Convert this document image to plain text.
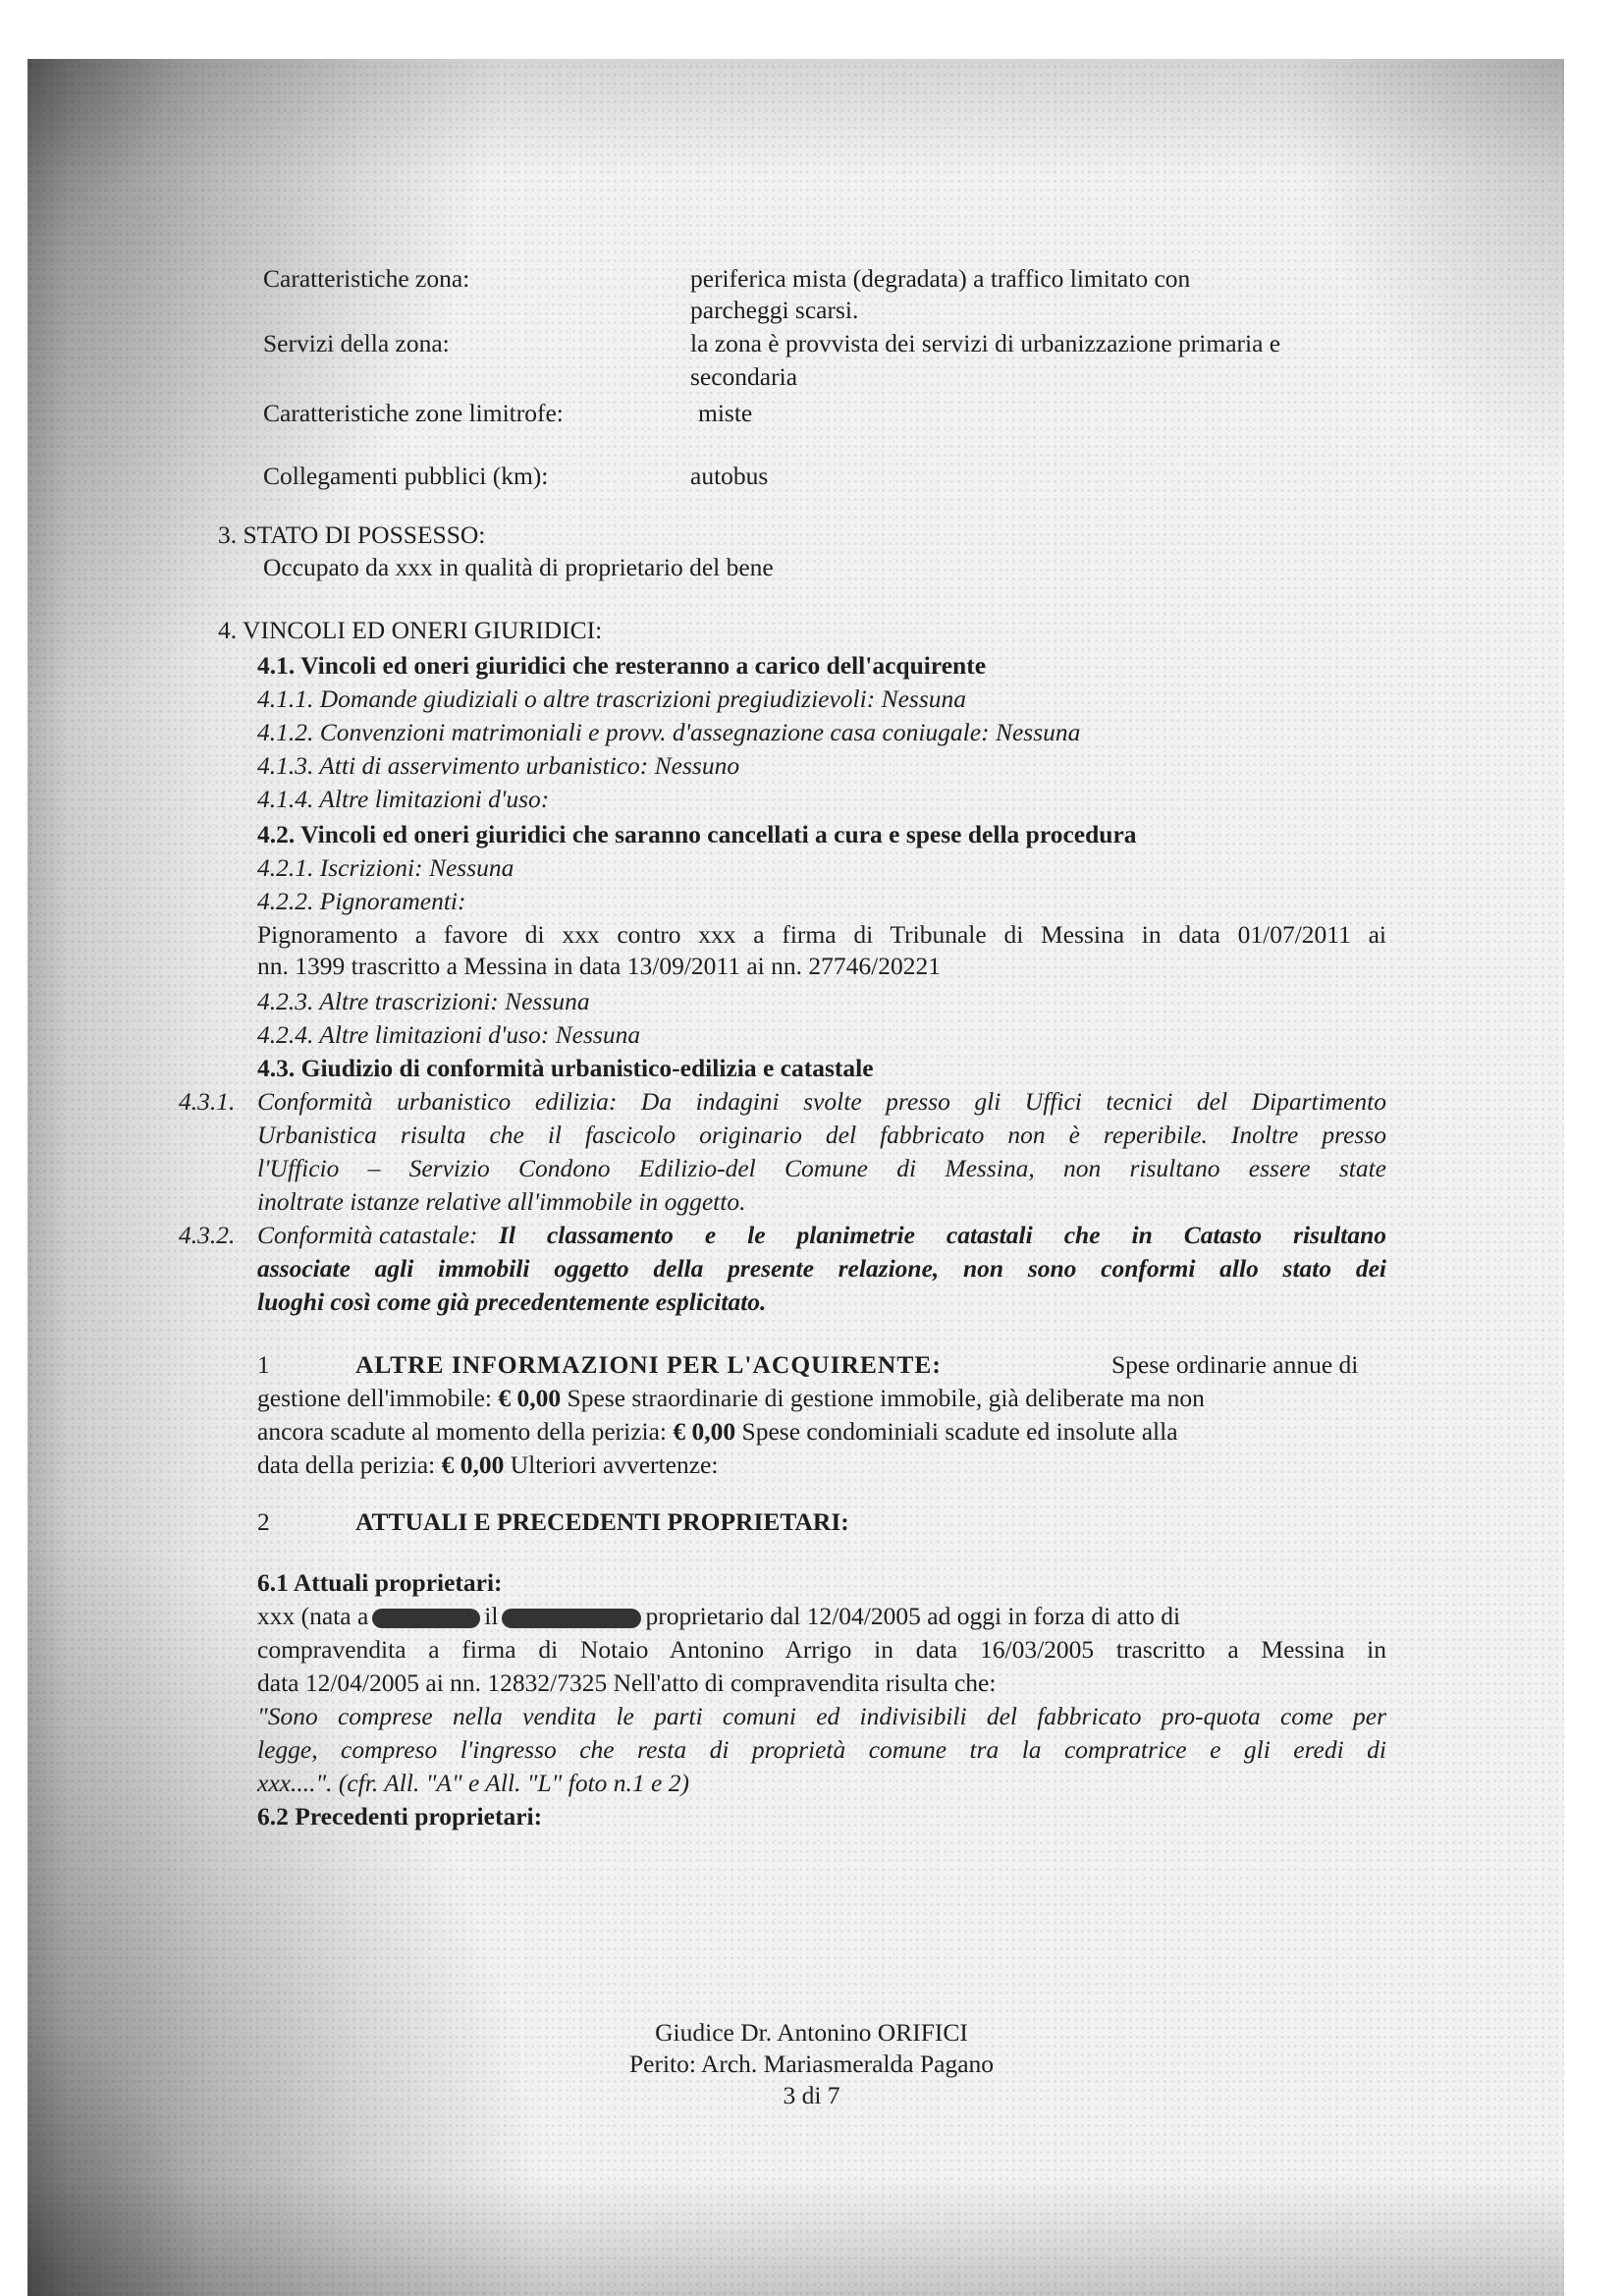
Caratteristiche zona:	periferica mista (degradata) a traffico limitato con
parcheggi scarsi.
Servizi della zona:	la zona è provvista dei servizi di urbanizzazione primaria e
secondaria
Caratteristiche zone limitrofe:	miste
Collegamenti pubblici (km):	autobus
3. STATO DI POSSESSO:
Occupato da xxx in qualità di proprietario del bene
4. VINCOLI ED ONERI GIURIDICI:
4.1. Vincoli ed oneri giuridici che resteranno a carico dell'acquirente
4.1.1. Domande giudiziali o altre trascrizioni pregiudizievoli: Nessuna
4.1.2. Convenzioni matrimoniali e provv. d'assegnazione casa coniugale: Nessuna
4.1.3. Atti di asservimento urbanistico: Nessuno
4.1.4. Altre limitazioni d'uso:
4.2. Vincoli ed oneri giuridici che saranno cancellati a cura e spese della procedura
4.2.1. Iscrizioni: Nessuna
4.2.2. Pignoramenti:
Pignoramento a favore di xxx contro xxx a firma di Tribunale di Messina in data 01/07/2011 ai
nn. 1399 trascritto a Messina in data 13/09/2011 ai nn. 27746/20221
4.2.3. Altre trascrizioni: Nessuna
4.2.4. Altre limitazioni d'uso: Nessuna
4.3. Giudizio di conformità urbanistico-edilizia e catastale
4.3.1. Conformità urbanistico edilizia: Da indagini svolte presso gli Uffici tecnici del Dipartimento
Urbanistica risulta che il fascicolo originario del fabbricato non è reperibile. Inoltre presso
l'Ufficio – Servizio Condono Edilizio-del Comune di Messina, non risultano essere state
inoltrate istanze relative all'immobile in oggetto.
4.3.2. Conformità catastale: Il classamento e le planimetrie catastali che in Catasto risultano
associate agli immobili oggetto della presente relazione, non sono conformi allo stato dei
luoghi così come già precedentemente esplicitato.
1	ALTRE INFORMAZIONI PER L'ACQUIRENTE:	Spese ordinarie annue di
gestione dell'immobile: € 0,00 Spese straordinarie di gestione immobile, già deliberate ma non
ancora scadute al momento della perizia: € 0,00 Spese condominiali scadute ed insolute alla
data della perizia: € 0,00 Ulteriori avvertenze:
2	ATTUALI E PRECEDENTI PROPRIETARI:
6.1 Attuali proprietari:
xxx (nata a	il	proprietario dal 12/04/2005 ad oggi in forza di atto di
compravendita a firma di Notaio Antonino Arrigo in data 16/03/2005 trascritto a Messina in
data 12/04/2005 ai nn. 12832/7325 Nell'atto di compravendita risulta che:
"Sono comprese nella vendita le parti comuni ed indivisibili del fabbricato pro-quota come per
legge, compreso l'ingresso che resta di proprietà comune tra la compratrice e gli eredi di
xxx....". (cfr. All. "A" e All. "L" foto n.1 e 2)
6.2 Precedenti proprietari:
Giudice Dr. Antonino ORIFICI
Perito: Arch. Mariasmeralda Pagano
3 di 7
